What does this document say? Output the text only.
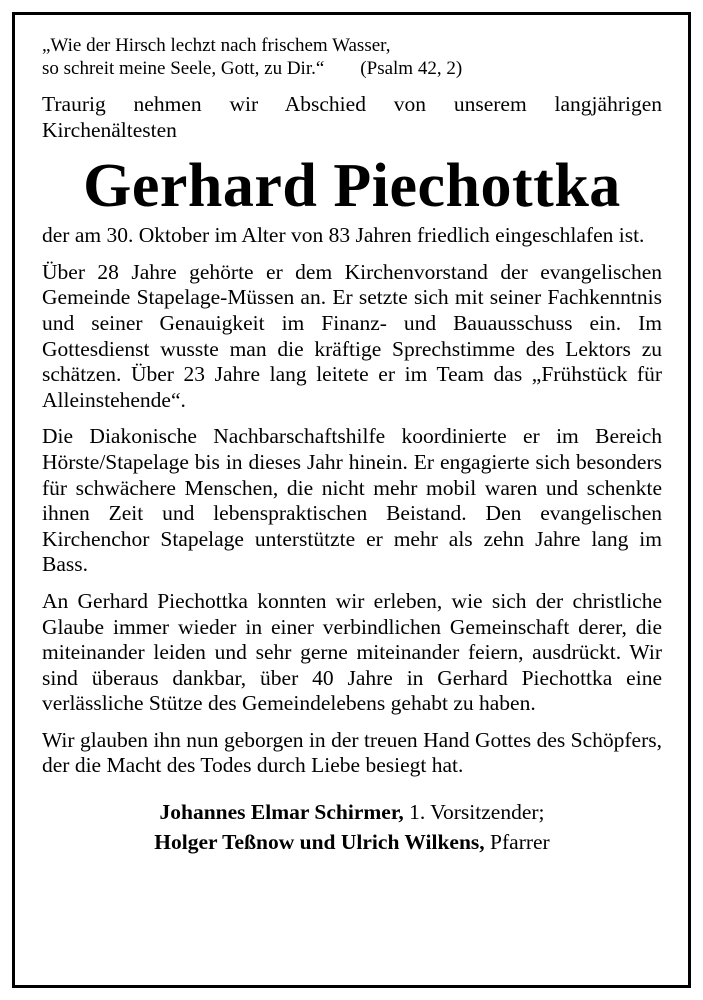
„Wie der Hirsch lechzt nach frischem Wasser,
so schreit meine Seele, Gott, zu Dir.“ (Psalm 42, 2)

Traurig nehmen wir Abschied von unserem langjährigen Kirchenältesten

Gerhard Piechottka

der am 30. Oktober im Alter von 83 Jahren friedlich eingeschlafen ist.

Über 28 Jahre gehörte er dem Kirchenvorstand der evangelischen Gemeinde Stapelage-Müssen an. Er setzte sich mit seiner Fachkenntnis und seiner Genauigkeit im Finanz- und Bauausschuss ein. Im Gottesdienst wusste man die kräftige Sprechstimme des Lektors zu schätzen. Über 23 Jahre lang leitete er im Team das „Frühstück für Alleinstehende“.

Die Diakonische Nachbarschaftshilfe koordinierte er im Bereich Hörste/Stapelage bis in dieses Jahr hinein. Er engagierte sich besonders für schwächere Menschen, die nicht mehr mobil waren und schenkte ihnen Zeit und lebenspraktischen Beistand. Den evangelischen Kirchenchor Stapelage unterstützte er mehr als zehn Jahre lang im Bass.

An Gerhard Piechottka konnten wir erleben, wie sich der christliche Glaube immer wieder in einer verbindlichen Gemeinschaft derer, die miteinander leiden und sehr gerne miteinander feiern, ausdrückt. Wir sind überaus dankbar, über 40 Jahre in Gerhard Piechottka eine verlässliche Stütze des Gemeindelebens gehabt zu haben.

Wir glauben ihn nun geborgen in der treuen Hand Gottes des Schöpfers, der die Macht des Todes durch Liebe besiegt hat.

Johannes Elmar Schirmer, 1. Vorsitzender;
Holger Teßnow und Ulrich Wilkens, Pfarrer
